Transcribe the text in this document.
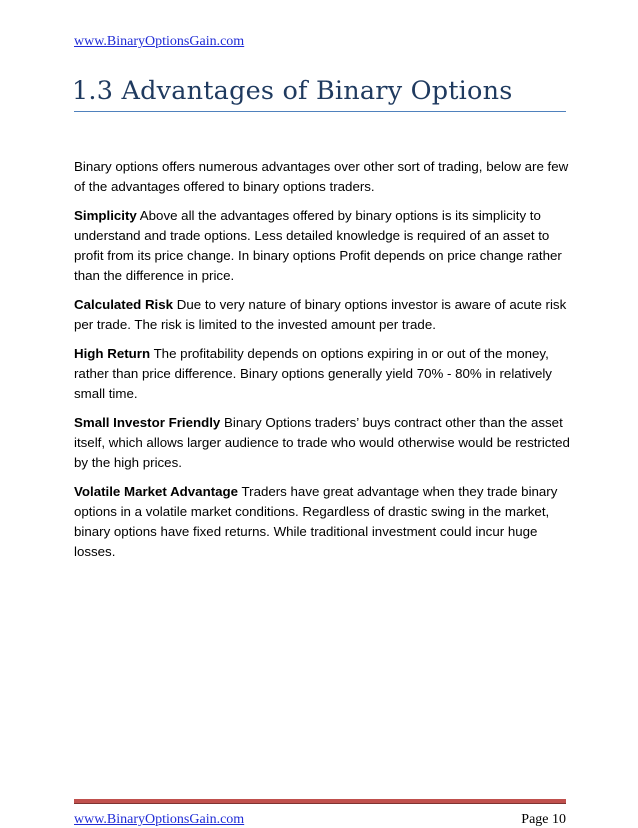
www.BinaryOptionsGain.com
1.3 Advantages of Binary Options

Binary options offers numerous advantages over other sort of trading, below are few of the advantages offered to binary options traders.

Simplicity Above all the advantages offered by binary options is its simplicity to understand and trade options. Less detailed knowledge is required of an asset to profit from its price change. In binary options Profit depends on price change rather than the difference in price.

Calculated Risk Due to very nature of binary options investor is aware of acute risk per trade. The risk is limited to the invested amount per trade.

High Return The profitability depends on options expiring in or out of the money, rather than price difference. Binary options generally yield 70% - 80% in relatively small time.

Small Investor Friendly Binary Options traders’ buys contract other than the asset itself, which allows larger audience to trade who would otherwise would be restricted by the high prices.

Volatile Market Advantage Traders have great advantage when they trade binary options in a volatile market conditions. Regardless of drastic swing in the market, binary options have fixed returns. While traditional investment could incur huge losses.

www.BinaryOptionsGain.com	Page 10
